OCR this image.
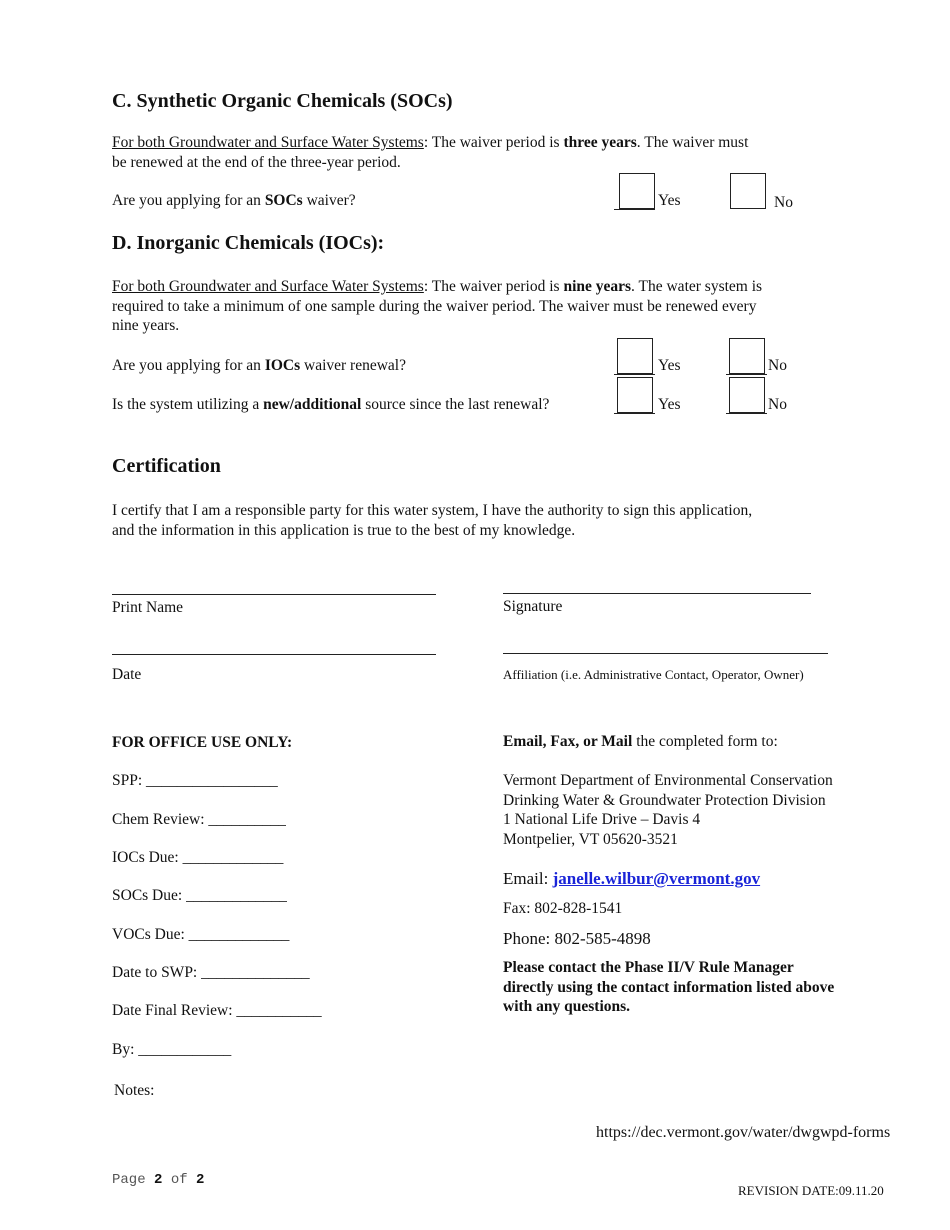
C. Synthetic Organic Chemicals (SOCs)
For both Groundwater and Surface Water Systems: The waiver period is three years. The waiver must
be renewed at the end of the three-year period.
Are you applying for an SOCs waiver?	Yes	No
D. Inorganic Chemicals (IOCs):
For both Groundwater and Surface Water Systems: The waiver period is nine years. The water system is
required to take a minimum of one sample during the waiver period. The waiver must be renewed every
nine years.
Are you applying for an IOCs waiver renewal?	Yes	No
Is the system utilizing a new/additional source since the last renewal?	Yes	No
Certification
I certify that I am a responsible party for this water system, I have the authority to sign this application,
and the information in this application is true to the best of my knowledge.
Print Name	Signature
Date	Affiliation (i.e. Administrative Contact, Operator, Owner)
FOR OFFICE USE ONLY:
SPP: _________________
Chem Review: __________
IOCs Due: _____________
SOCs Due: _____________
VOCs Due: _____________
Date to SWP: ______________
Date Final Review: ___________
By: ____________
Notes:
Email, Fax, or Mail the completed form to:
Vermont Department of Environmental Conservation
Drinking Water & Groundwater Protection Division
1 National Life Drive – Davis 4
Montpelier, VT 05620-3521
Email: janelle.wilbur@vermont.gov
Fax: 802-828-1541
Phone: 802-585-4898
Please contact the Phase II/V Rule Manager
directly using the contact information listed above
with any questions.
https://dec.vermont.gov/water/dwgwpd-forms
Page 2 of 2
REVISION DATE:09.11.20
